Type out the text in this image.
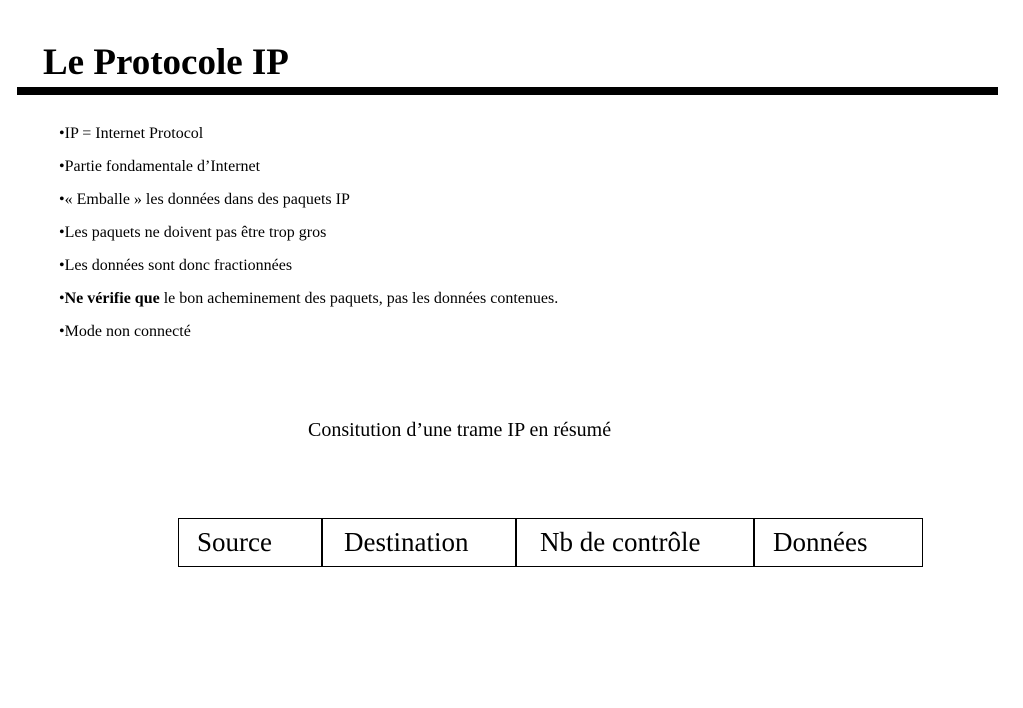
Le Protocole IP
•IP = Internet Protocol
•Partie fondamentale d’Internet
•« Emballe » les données dans des paquets IP
•Les paquets ne doivent pas être trop gros
•Les données sont donc fractionnées
•Ne vérifie que le bon acheminement des paquets, pas les données contenues.
•Mode non connecté
Consitution d’une trame IP en résumé
Source	Destination	Nb de contrôle	Données
